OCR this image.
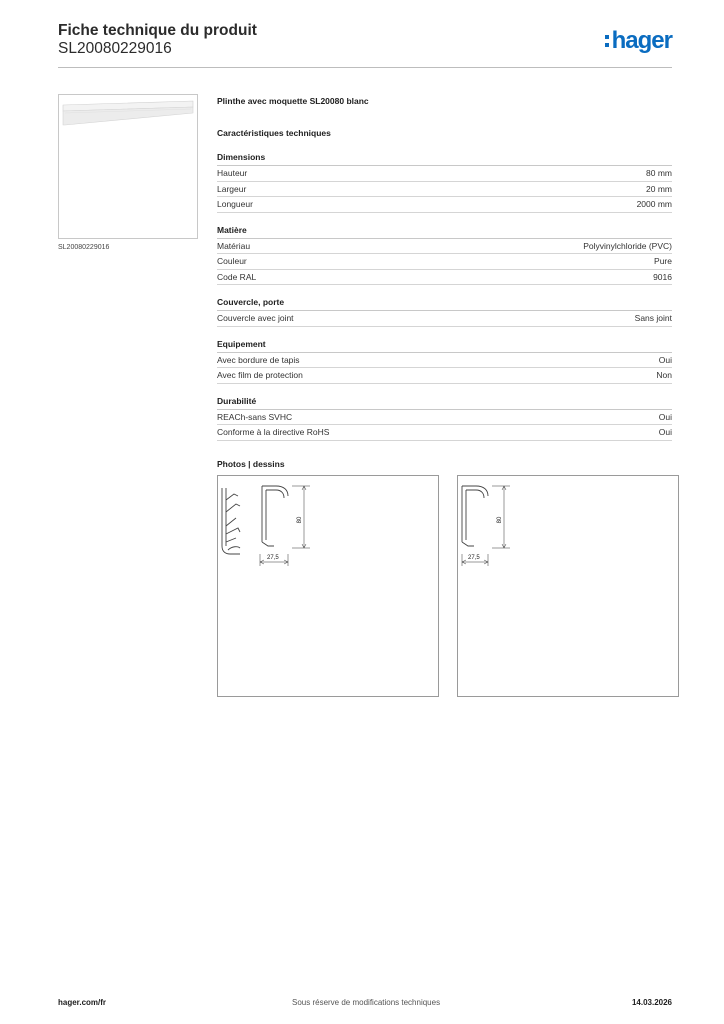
Fiche technique du produit
SL20080229016	hager
SL20080229016
Plinthe avec moquette SL20080 blanc
Caractéristiques techniques
Dimensions
Hauteur	80 mm
Largeur	20 mm
Longueur	2000 mm
Matière
Matériau	Polyvinylchloride (PVC)
Couleur	Pure
Code RAL	9016
Couvercle, porte
Couvercle avec joint	Sans joint
Equipement
Avec bordure de tapis	Oui
Avec film de protection	Non
Durabilité
REACh-sans SVHC	Oui
Conforme à la directive RoHS	Oui
Photos | dessins
80
27,5
80
27,5
hager.com/fr	Sous réserve de modifications techniques	14.03.2026
